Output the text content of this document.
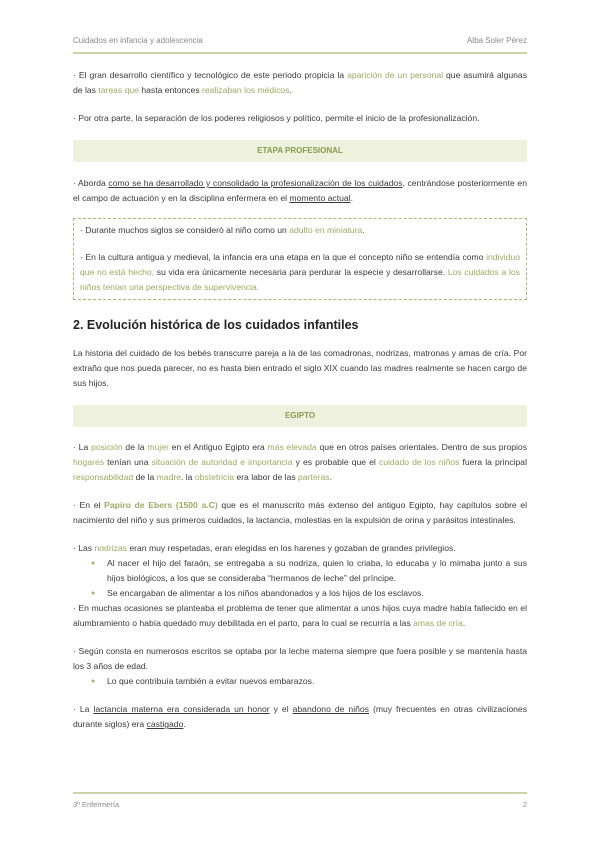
Cuidados en infancia y adolescencia	Alba Soler Pérez

· El gran desarrollo científico y tecnológico de este periodo propicia la aparición de un personal que asumirá algunas de las tareas que hasta entonces realizaban los médicos.

· Por otra parte, la separación de los poderes religiosos y político, permite el inicio de la profesionalización.

ETAPA PROFESIONAL

· Aborda como se ha desarrollado y consolidado la profesionalización de los cuidados, centrándose posteriormente en el campo de actuación y en la disciplina enfermera en el momento actual.

· Durante muchos siglos se consideró al niño como un adulto en miniatura.

· En la cultura antigua y medieval, la infancia era una etapa en la que el concepto niño se entendía como individuo que no está hecho, su vida era únicamente necesaria para perdurar la especie y desarrollarse. Los cuidados a los niños tenían una perspectiva de supervivencia.

2. Evolución histórica de los cuidados infantiles

La historia del cuidado de los bebés transcurre pareja a la de las comadronas, nodrizas, matronas y amas de cría. Por extraño que nos pueda parecer, no es hasta bien entrado el siglo XIX cuando las madres realmente se hacen cargo de sus hijos.

EGIPTO

· La posición de la mujer en el Antiguo Egipto era más elevada que en otros países orientales. Dentro de sus propios hogares tenían una situación de autoridad e importancia y es probable que el cuidado de los niños fuera la principal responsabilidad de la madre. la obstetricia era labor de las parteras.

· En el Papiro de Ebers (1500 a.C) que es el manuscrito más extenso del antiguo Egipto, hay capítulos sobre el nacimiento del niño y sus primeros cuidados, la lactancia, molestias en la expulsión de orina y parásitos intestinales.

· Las nodrizas eran muy respetadas, eran elegidas en los harenes y gozaban de grandes privilegios.

● Al nacer el hijo del faraón, se entregaba a su nodriza, quien lo criaba, lo educaba y lo mimaba junto a sus hijos biológicos, a los que se consideraba “hermanos de leche” del príncipe.
● Se encargaban de alimentar a los niños abandonados y a los hijos de los esclavos.

· En muchas ocasiones se planteaba el problema de tener que alimentar a unos hijos cuya madre había fallecido en el alumbramiento o había quedado muy debilitada en el parto, para lo cual se recurría a las amas de cría.

· Según consta en numerosos escritos se optaba por la leche materna siempre que fuera posible y se mantenía hasta los 3 años de edad.

● Lo que contribuía también a evitar nuevos embarazos.

· La lactancia materna era considerada un honor y el abandono de niños (muy frecuentes en otras civilizaciones durante siglos) era castigado.

3º Enfermería	2
